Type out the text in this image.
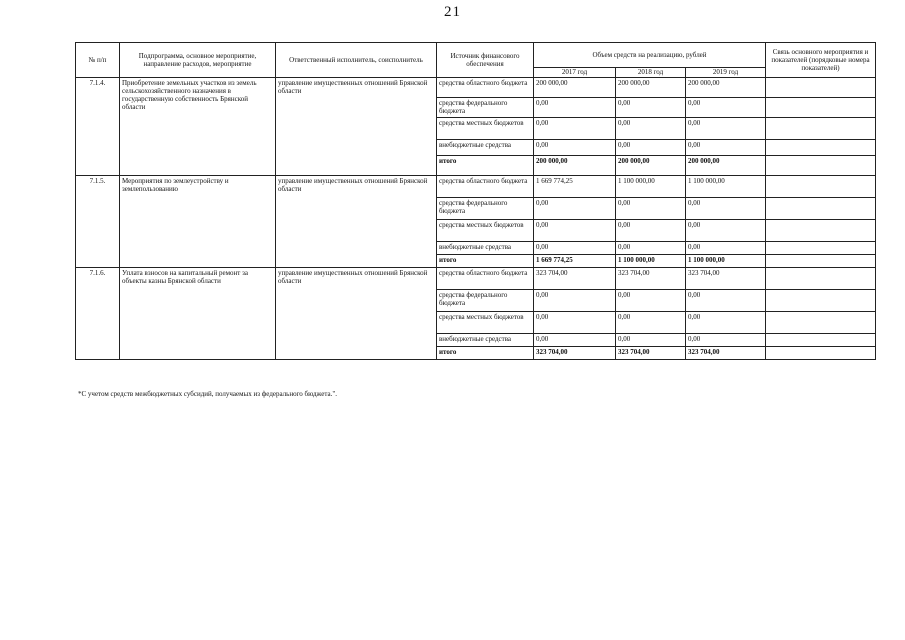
21
№ п/п	Подпрограмма, основное мероприятие, направление расходов, мероприятие	Ответственный исполнитель, соисполнитель	Источник финансового обеспечения	Объем средств на реализацию, рублей			Связь основного мероприятия и показателей (порядковые номера показателей)
				2017 год	2018 год	2019 год	
7.1.4.	Приобретение земельных участков из земель сельскохозяйственного назначения в государственную собственность Брянской области	управление имущественных отношений Брянской области	средства областного бюджета	200 000,00	200 000,00	200 000,00	
			средства федерального бюджета	0,00	0,00	0,00	
			средства местных бюджетов	0,00	0,00	0,00	
			внебюджетные средства	0,00	0,00	0,00	
			итого	200 000,00	200 000,00	200 000,00	
7.1.5.	Мероприятия по землеустройству и землепользованию	управление имущественных отношений Брянской области	средства областного бюджета	1 669 774,25	1 100 000,00	1 100 000,00	
			средства федерального бюджета	0,00	0,00	0,00	
			средства местных бюджетов	0,00	0,00	0,00	
			внебюджетные средства	0,00	0,00	0,00	
			итого	1 669 774,25	1 100 000,00	1 100 000,00	
7.1.6.	Уплата взносов на капитальный ремонт за объекты казны Брянской области	управление имущественных отношений Брянской области	средства областного бюджета	323 704,00	323 704,00	323 704,00	
			средства федерального бюджета	0,00	0,00	0,00	
			средства местных бюджетов	0,00	0,00	0,00	
			внебюджетные средства	0,00	0,00	0,00	
			итого	323 704,00	323 704,00	323 704,00	
*С учетом средств межбюджетных субсидий, получаемых из федерального бюджета.".
